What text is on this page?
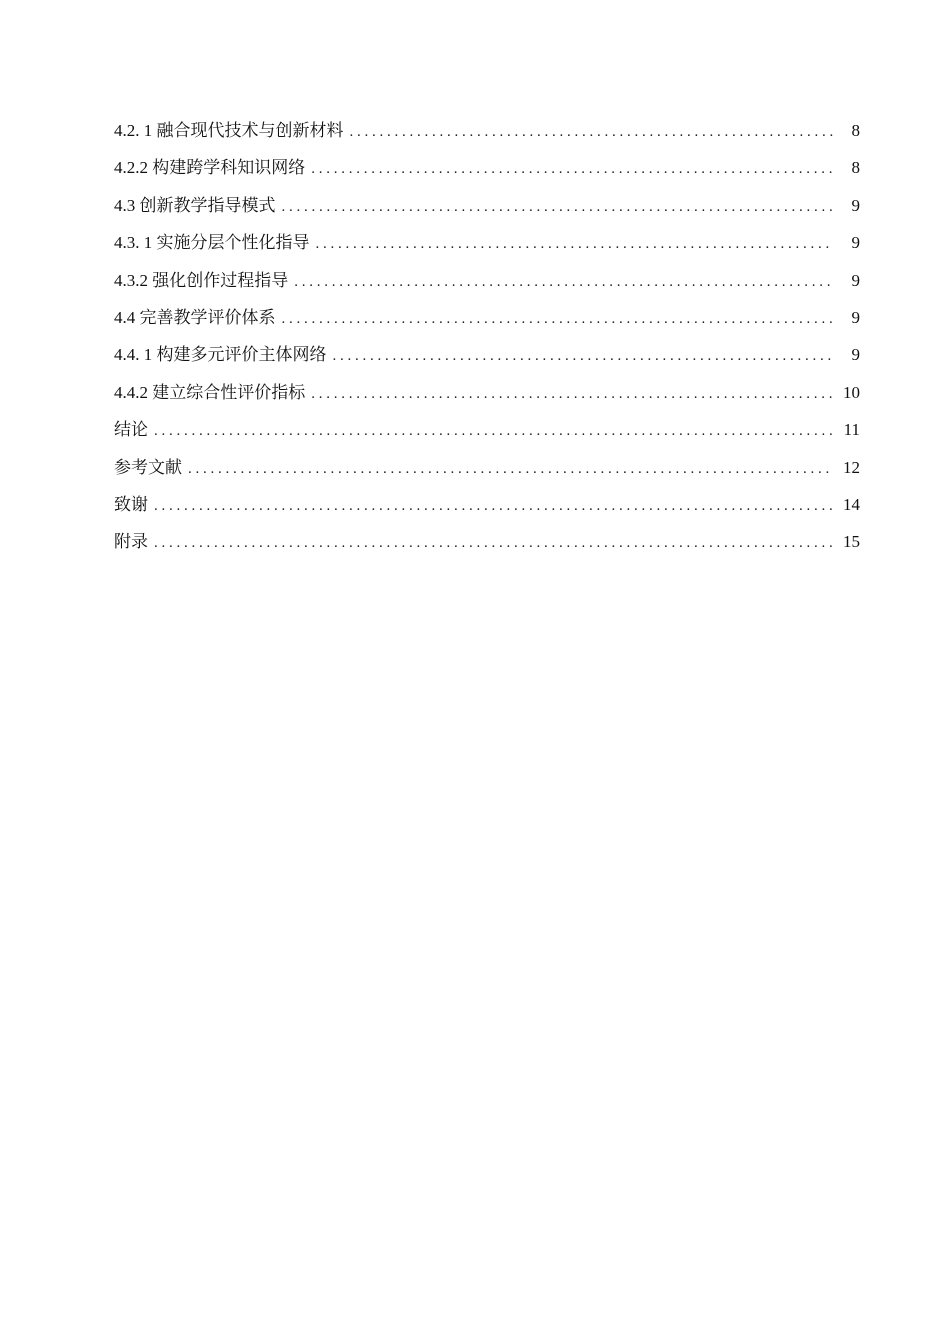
4.2. 1 融合现代技术与创新材料 . . .	8
4.2.2 构建跨学科知识网络 . . .	8
4.3 创新教学指导模式 . . .	9
4.3. 1 实施分层个性化指导 . . .	9
4.3.2 强化创作过程指导 . . .	9
4.4 完善教学评价体系 . . .	9
4.4. 1 构建多元评价主体网络 . . .	9
4.4.2 建立综合性评价指标 . . .	10
结论 . . .	11
参考文献 . . .	12
致谢 . . .	14
附录 . . .	15
